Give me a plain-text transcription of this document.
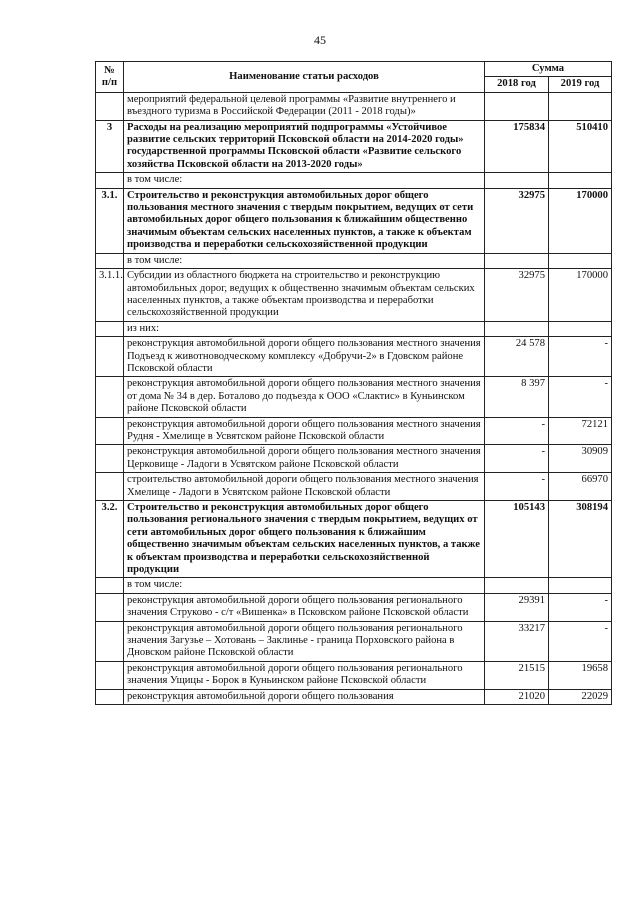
45
№ п/п	Наименование статьи расходов	Сумма	
		2018 год	2019 год
	мероприятий федеральной целевой программы «Развитие внутреннего и въездного туризма в Российской Федерации (2011 - 2018 годы)»		
3	Расходы на реализацию мероприятий подпрограммы «Устойчивое развитие сельских территорий Псковской области на 2014-2020 годы» государственной программы Псковской области «Развитие сельского хозяйства Псковской области на 2013-2020 годы»	175834	510410
	в том числе:		
3.1.	Строительство и реконструкция автомобильных дорог общего пользования местного значения с твердым покрытием, ведущих от сети автомобильных дорог общего пользования к ближайшим общественно значимым объектам сельских населенных пунктов, а также к объектам производства и переработки сельскохозяйственной продукции	32975	170000
	в том числе:		
3.1.1.	Субсидии из областного бюджета на строительство и реконструкцию автомобильных дорог, ведущих к общественно значимым объектам сельских населенных пунктов, а также объектам производства и переработки сельскохозяйственной продукции	32975	170000
	из них:		
	реконструкция автомобильной дороги общего пользования местного значения Подъезд к животноводческому комплексу «Добручи-2» в Гдовском районе Псковской области	24 578	-
	реконструкция автомобильной дороги общего пользования местного значения от дома № 34 в дер. Боталово до подъезда к ООО «Слактис» в Куньинском районе Псковской области	8 397	-
	реконструкция автомобильной дороги общего пользования местного значения Рудня - Хмелище в Усвятском районе Псковской области	-	72121
	реконструкция автомобильной дороги общего пользования местного значения Церковище - Ладоги в Усвятском районе Псковской области	-	30909
	строительство автомобильной дороги общего пользования местного значения Хмелище - Ладоги в Усвятском районе Псковской области	-	66970
3.2.	Строительство и реконструкция автомобильных дорог общего пользования регионального значения с твердым покрытием, ведущих от сети автомобильных дорог общего пользования к ближайшим общественно значимым объектам сельских населенных пунктов, а также к объектам производства и переработки сельскохозяйственной продукции	105143	308194
	в том числе:		
	реконструкция автомобильной дороги общего пользования регионального значения Струково - с/т «Вишенка» в Псковском районе Псковской области	29391	-
	реконструкция автомобильной дороги общего пользования регионального значения Загузье – Хотовань – Заклинье - граница Порховского района в Дновском районе Псковской области	33217	-
	реконструкция автомобильной дороги общего пользования регионального значения Ущицы - Борок в Куньинском районе Псковской области	21515	19658
	реконструкция автомобильной дороги общего пользования	21020	22029
